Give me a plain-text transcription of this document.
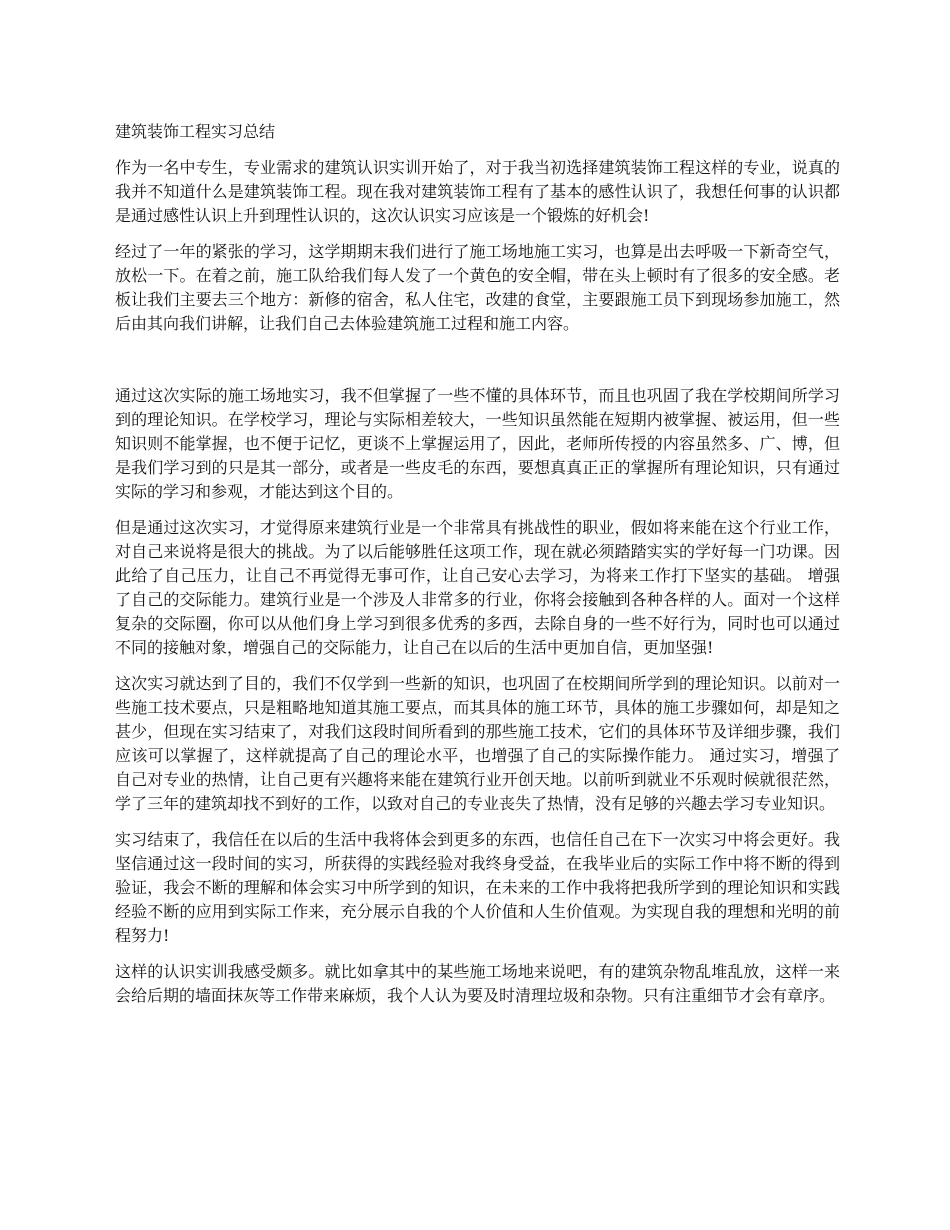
建筑装饰工程实习总结

作为一名中专生，专业需求的建筑认识实训开始了，对于我当初选择建筑装饰工程这样的专业，说真的我并不知道什么是建筑装饰工程。现在我对建筑装饰工程有了基本的感性认识了，我想任何事的认识都是通过感性认识上升到理性认识的，这次认识实习应该是一个锻炼的好机会!

经过了一年的紧张的学习，这学期期末我们进行了施工场地施工实习，也算是出去呼吸一下新奇空气，放松一下。在着之前，施工队给我们每人发了一个黄色的安全帽，带在头上顿时有了很多的安全感。老板让我们主要去三个地方：新修的宿舍，私人住宅，改建的食堂，主要跟施工员下到现场参加施工，然后由其向我们讲解，让我们自己去体验建筑施工过程和施工内容。

通过这次实际的施工场地实习，我不但掌握了一些不懂的具体环节，而且也巩固了我在学校期间所学习到的理论知识。在学校学习，理论与实际相差较大，一些知识虽然能在短期内被掌握、被运用，但一些知识则不能掌握，也不便于记忆，更谈不上掌握运用了，因此，老师所传授的内容虽然多、广、博，但是我们学习到的只是其一部分，或者是一些皮毛的东西，要想真真正正的掌握所有理论知识，只有通过实际的学习和参观，才能达到这个目的。

但是通过这次实习，才觉得原来建筑行业是一个非常具有挑战性的职业，假如将来能在这个行业工作，对自己来说将是很大的挑战。为了以后能够胜任这项工作，现在就必须踏踏实实的学好每一门功课。因此给了自己压力，让自己不再觉得无事可作，让自己安心去学习，为将来工作打下坚实的基础。 增强了自己的交际能力。建筑行业是一个涉及人非常多的行业，你将会接触到各种各样的人。面对一个这样复杂的交际圈，你可以从他们身上学习到很多优秀的多西，去除自身的一些不好行为，同时也可以通过不同的接触对象，增强自己的交际能力，让自己在以后的生活中更加自信，更加坚强!

这次实习就达到了目的，我们不仅学到一些新的知识，也巩固了在校期间所学到的理论知识。以前对一些施工技术要点，只是粗略地知道其施工要点，而其具体的施工环节，具体的施工步骤如何，却是知之甚少，但现在实习结束了，对我们这段时间所看到的那些施工技术，它们的具体环节及详细步骤，我们应该可以掌握了，这样就提高了自己的理论水平，也增强了自己的实际操作能力。 通过实习，增强了自己对专业的热情，让自己更有兴趣将来能在建筑行业开创天地。以前听到就业不乐观时候就很茫然，学了三年的建筑却找不到好的工作，以致对自己的专业丧失了热情，没有足够的兴趣去学习专业知识。

实习结束了，我信任在以后的生活中我将体会到更多的东西，也信任自己在下一次实习中将会更好。我坚信通过这一段时间的实习，所获得的实践经验对我终身受益，在我毕业后的实际工作中将不断的得到验证，我会不断的理解和体会实习中所学到的知识，在未来的工作中我将把我所学到的理论知识和实践经验不断的应用到实际工作来，充分展示自我的个人价值和人生价值观。为实现自我的理想和光明的前程努力!

这样的认识实训我感受颇多。就比如拿其中的某些施工场地来说吧，有的建筑杂物乱堆乱放，这样一来会给后期的墙面抹灰等工作带来麻烦，我个人认为要及时清理垃圾和杂物。只有注重细节才会有章序。
